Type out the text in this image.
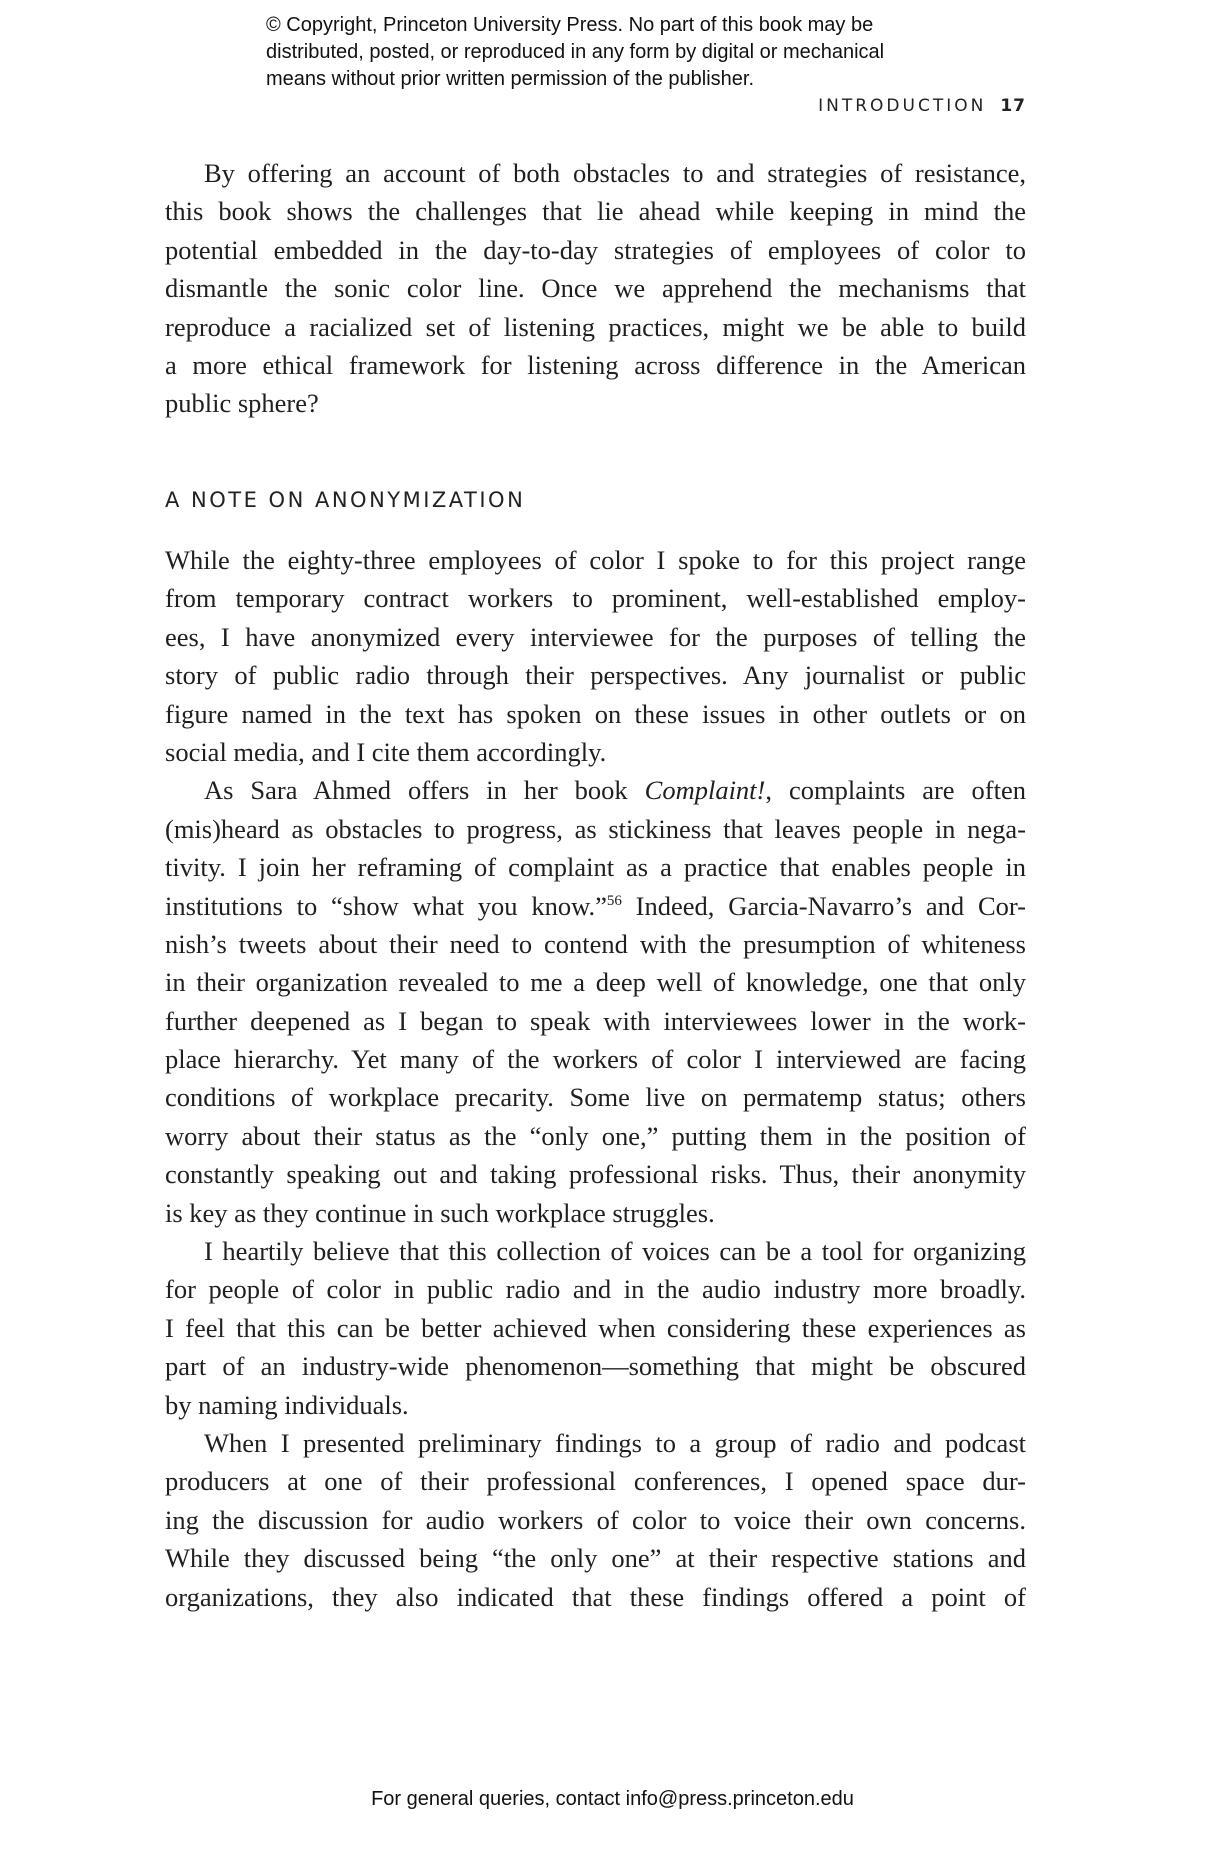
© Copyright, Princeton University Press. No part of this book may be
distributed, posted, or reproduced in any form by digital or mechanical
means without prior written permission of the publisher.
INTRODUCTION 17
By offering an account of both obstacles to and strategies of resistance,
this book shows the challenges that lie ahead while keeping in mind the
potential embedded in the day-to-day strategies of employees of color to
dismantle the sonic color line. Once we apprehend the mechanisms that
reproduce a racialized set of listening practices, might we be able to build
a more ethical framework for listening across difference in the American
public sphere?
A NOTE ON ANONYMIZATION
While the eighty-three employees of color I spoke to for this project range
from temporary contract workers to prominent, well-established employ-
ees, I have anonymized every interviewee for the purposes of telling the
story of public radio through their perspectives. Any journalist or public
figure named in the text has spoken on these issues in other outlets or on
social media, and I cite them accordingly.
As Sara Ahmed offers in her book Complaint!, complaints are often
(mis)heard as obstacles to progress, as stickiness that leaves people in nega-
tivity. I join her reframing of complaint as a practice that enables people in
institutions to “show what you know.”$^{56}$ Indeed, Garcia-Navarro’s and Cor-
nish’s tweets about their need to contend with the presumption of whiteness
in their organization revealed to me a deep well of knowledge, one that only
further deepened as I began to speak with interviewees lower in the work-
place hierarchy. Yet many of the workers of color I interviewed are facing
conditions of workplace precarity. Some live on permatemp status; others
worry about their status as the “only one,” putting them in the position of
constantly speaking out and taking professional risks. Thus, their anonymity
is key as they continue in such workplace struggles.
I heartily believe that this collection of voices can be a tool for organizing
for people of color in public radio and in the audio industry more broadly.
I feel that this can be better achieved when considering these experiences as
part of an industry-wide phenomenon—something that might be obscured
by naming individuals.
When I presented preliminary findings to a group of radio and podcast
producers at one of their professional conferences, I opened space dur-
ing the discussion for audio workers of color to voice their own concerns.
While they discussed being “the only one” at their respective stations and
organizations, they also indicated that these findings offered a point of
For general queries, contact info@press.princeton.edu
